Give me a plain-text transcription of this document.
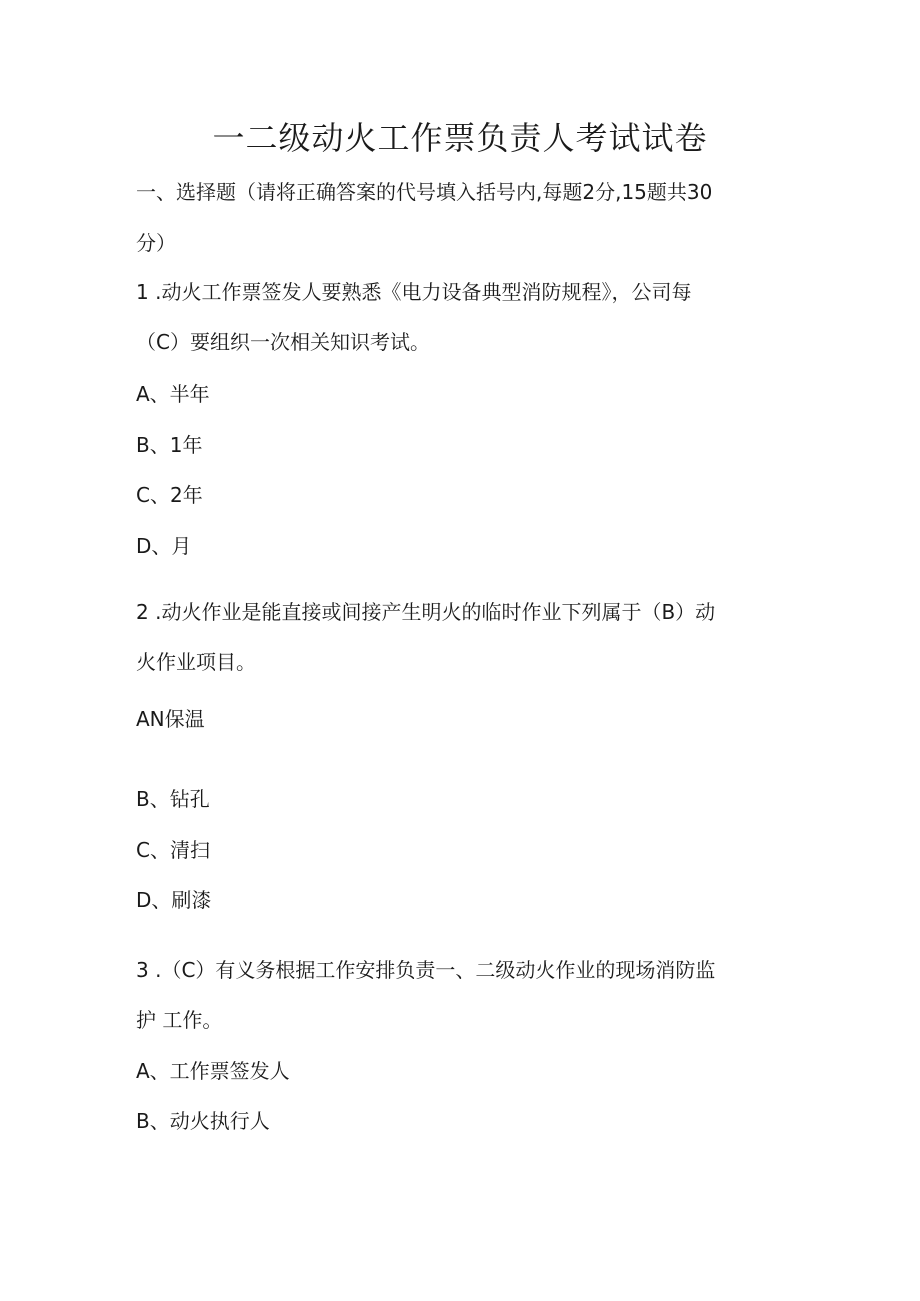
一二级动火工作票负责人考试试卷
一、选择题（请将正确答案的代号填入括号内,每题2分,15题共30
分）
1 .动火工作票签发人要熟悉《电力设备典型消防规程》，公司每
（C）要组织一次相关知识考试。
A、半年
B、1年
C、2年
D、月
2 .动火作业是能直接或间接产生明火的临时作业下列属于（B）动
火作业项目。
AN保温
B、钻孔
C、清扫
D、刷漆
3 .（C）有义务根据工作安排负责一、二级动火作业的现场消防监
护 工作。
A、工作票签发人
B、动火执行人
